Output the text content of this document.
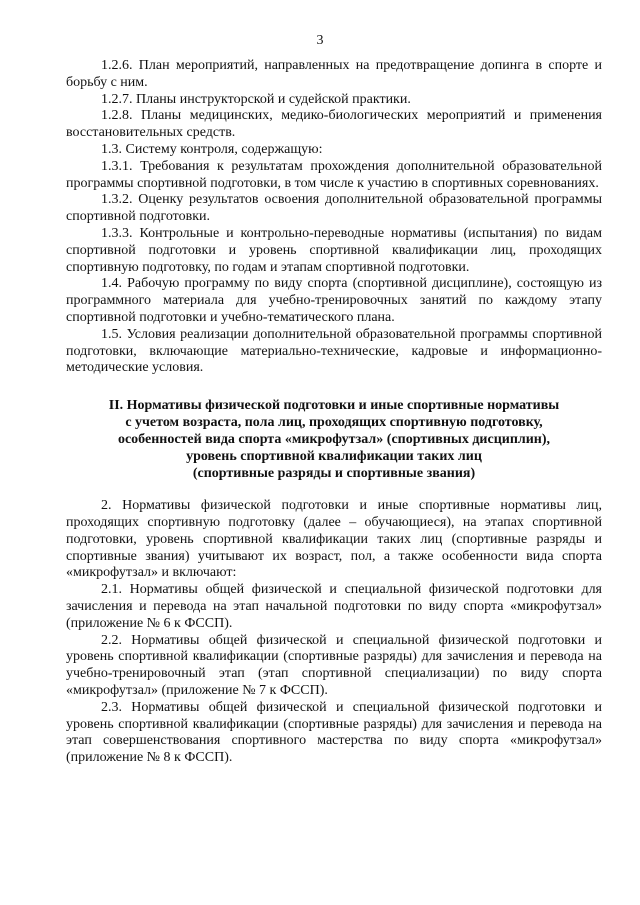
3

1.2.6. План мероприятий, направленных на предотвращение допинга в спорте и борьбу с ним.

1.2.7. Планы инструкторской и судейской практики.

1.2.8. Планы медицинских, медико-биологических мероприятий и применения восстановительных средств.

1.3. Систему контроля, содержащую:

1.3.1. Требования к результатам прохождения дополнительной образовательной программы спортивной подготовки, в том числе к участию в спортивных соревнованиях.

1.3.2. Оценку результатов освоения дополнительной образовательной программы спортивной подготовки.

1.3.3. Контрольные и контрольно-переводные нормативы (испытания) по видам спортивной подготовки и уровень спортивной квалификации лиц, проходящих спортивную подготовку, по годам и этапам спортивной подготовки.

1.4. Рабочую программу по виду спорта (спортивной дисциплине), состоящую из программного материала для учебно-тренировочных занятий по каждому этапу спортивной подготовки и учебно-тематического плана.

1.5. Условия реализации дополнительной образовательной программы спортивной подготовки, включающие материально-технические, кадровые и информационно-методические условия.

II. Нормативы физической подготовки и иные спортивные нормативы
с учетом возраста, пола лиц, проходящих спортивную подготовку,
особенностей вида спорта «микрофутзал» (спортивных дисциплин),
уровень спортивной квалификации таких лиц
(спортивные разряды и спортивные звания)

2. Нормативы физической подготовки и иные спортивные нормативы лиц, проходящих спортивную подготовку (далее – обучающиеся), на этапах спортивной подготовки, уровень спортивной квалификации таких лиц (спортивные разряды и спортивные звания) учитывают их возраст, пол, а также особенности вида спорта «микрофутзал» и включают:

2.1. Нормативы общей физической и специальной физической подготовки для зачисления и перевода на этап начальной подготовки по виду спорта «микрофутзал» (приложение № 6 к ФССП).

2.2. Нормативы общей физической и специальной физической подготовки и уровень спортивной квалификации (спортивные разряды) для зачисления и перевода на учебно-тренировочный этап (этап спортивной специализации) по виду спорта «микрофутзал» (приложение № 7 к ФССП).

2.3. Нормативы общей физической и специальной физической подготовки и уровень спортивной квалификации (спортивные разряды) для зачисления и перевода на этап совершенствования спортивного мастерства по виду спорта «микрофутзал» (приложение № 8 к ФССП).
